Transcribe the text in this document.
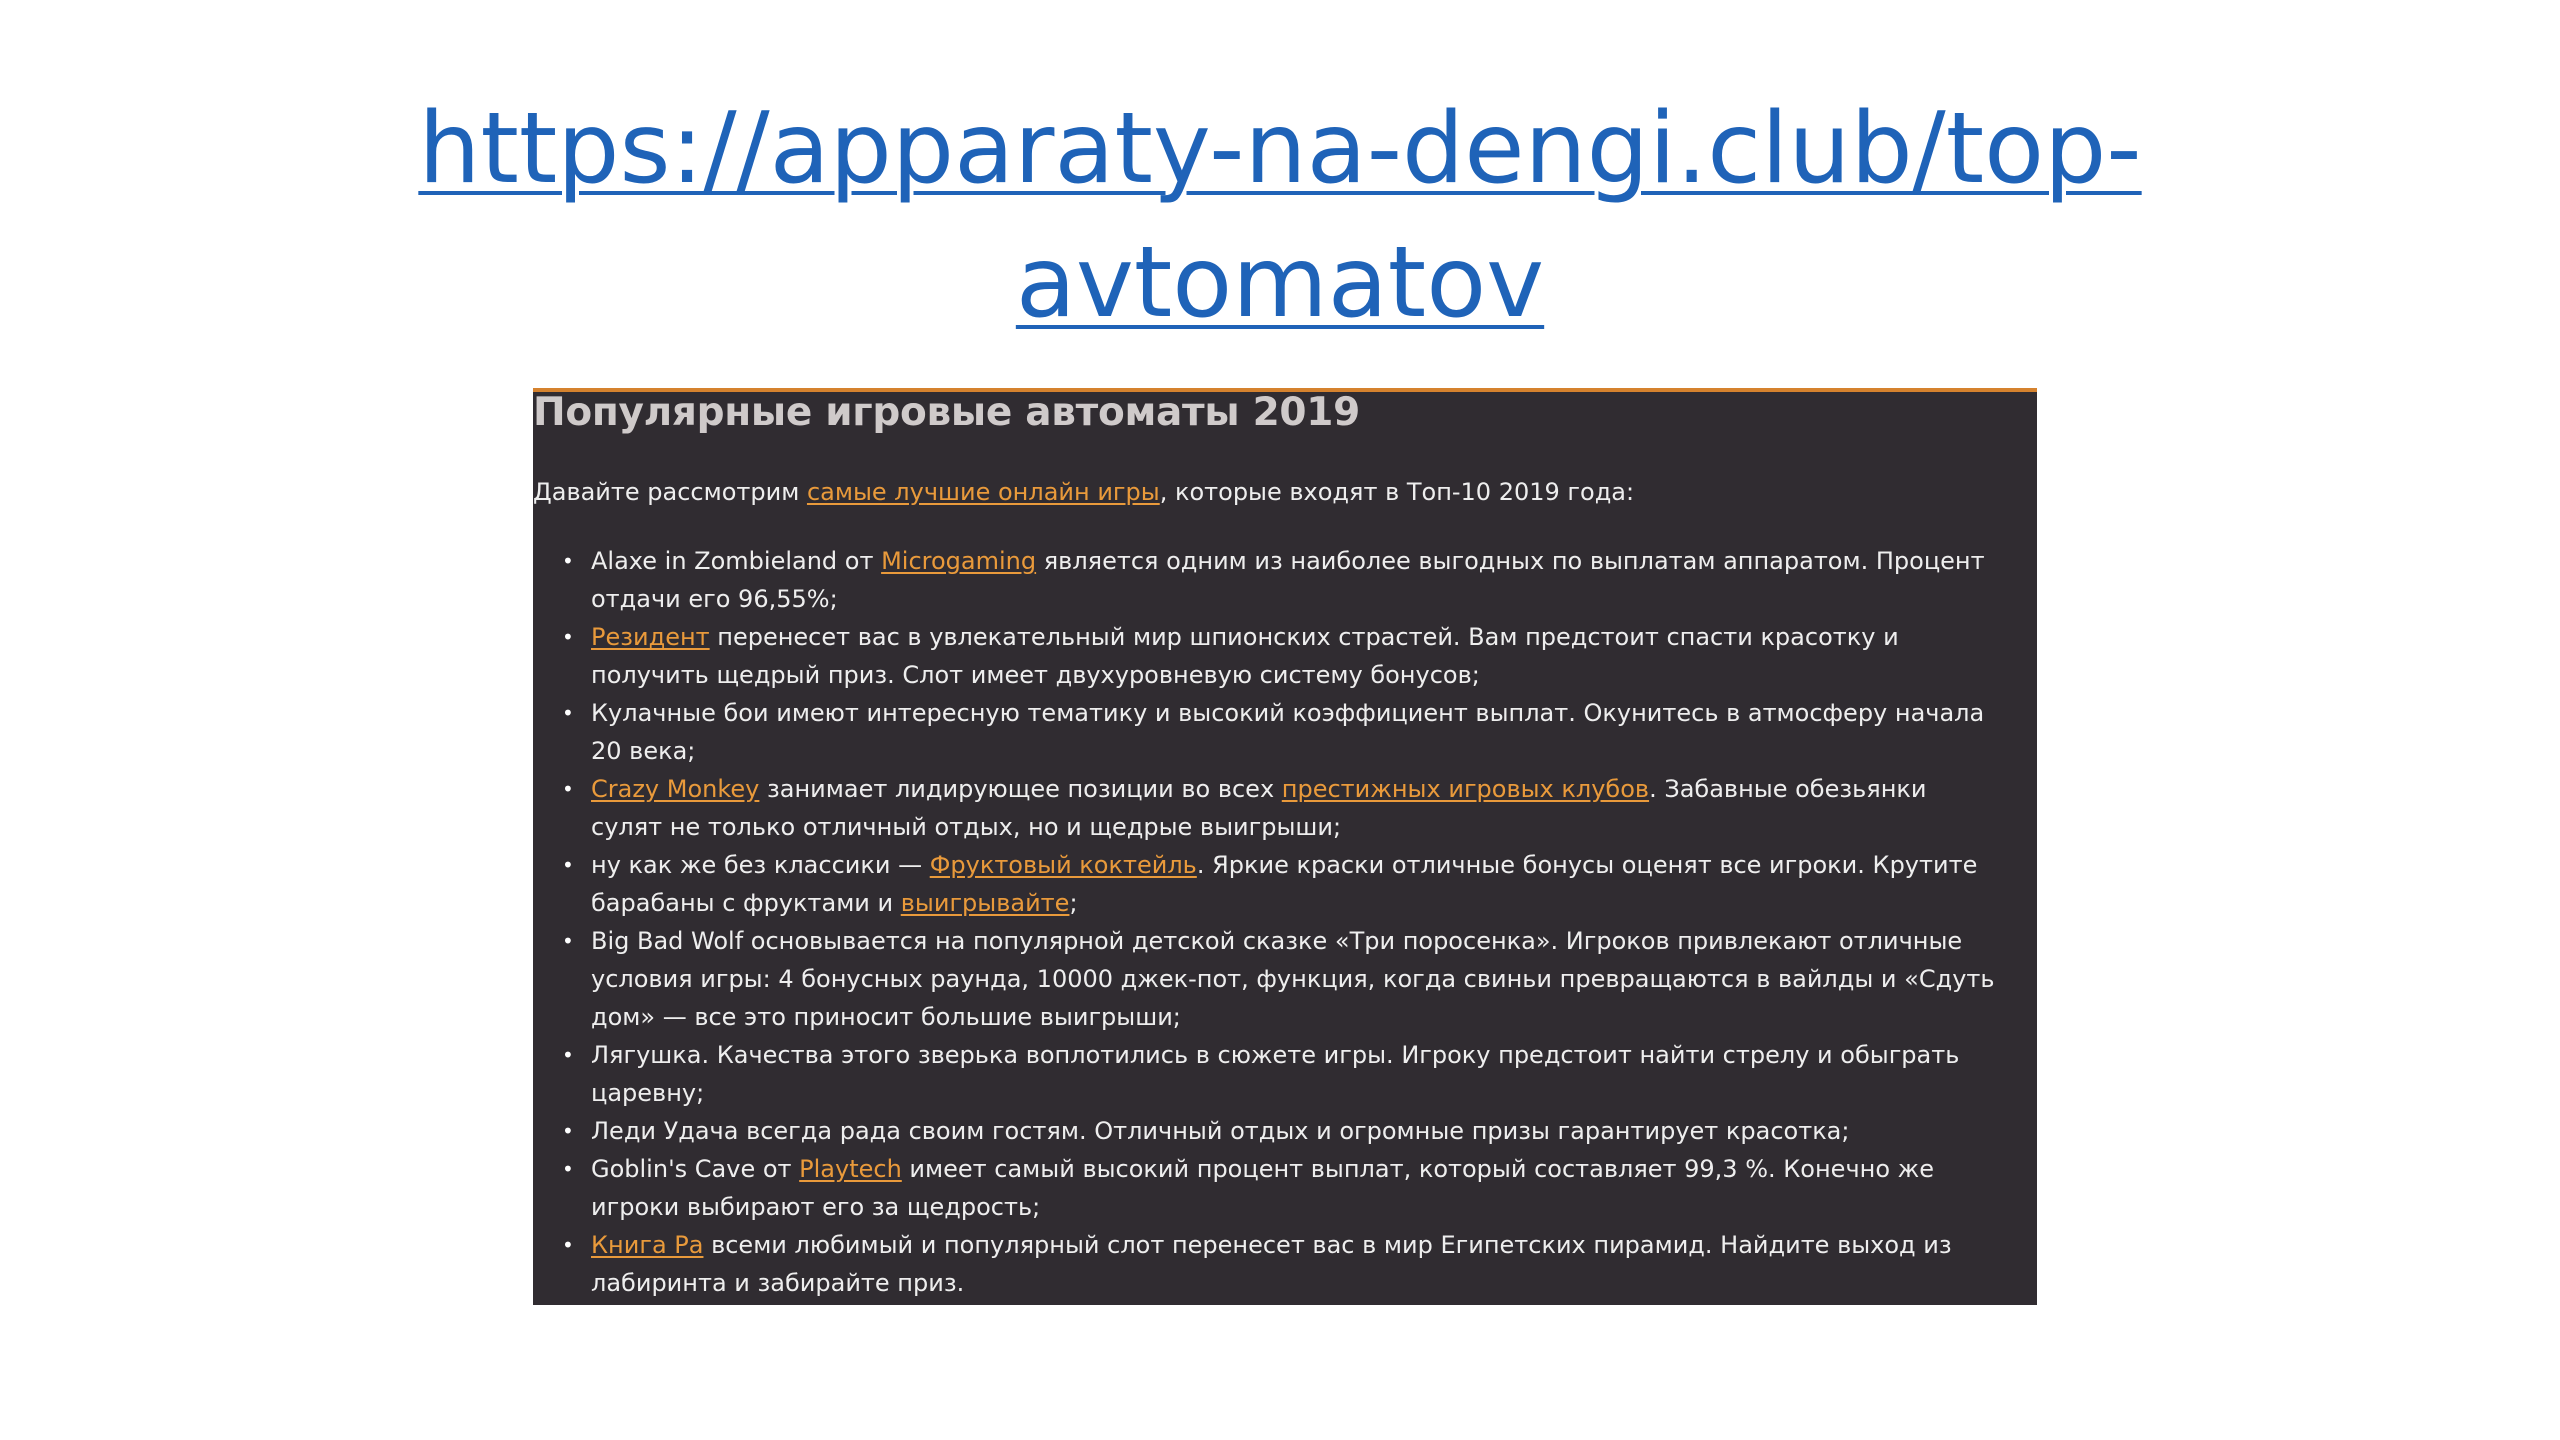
https://apparaty-na-dengi.club/top-
avtomatov
Популярные игровые автоматы 2019

Давайте рассмотрим самые лучшие онлайн игры, которые входят в Топ-10 2019 года:

• Alaxe in Zombieland от Microgaming является одним из наиболее выгодных по выплатам аппаратом. Процент отдачи его 96,55%;
• Резидент перенесет вас в увлекательный мир шпионских страстей. Вам предстоит спасти красотку и получить щедрый приз. Слот имеет двухуровневую систему бонусов;
• Кулачные бои имеют интересную тематику и высокий коэффициент выплат. Окунитесь в атмосферу начала 20 века;
• Crazy Monkey занимает лидирующее позиции во всех престижных игровых клубов. Забавные обезьянки сулят не только отличный отдых, но и щедрые выигрыши;
• ну как же без классики — Фруктовый коктейль. Яркие краски отличные бонусы оценят все игроки. Крутите барабаны с фруктами и выигрывайте;
• Big Bad Wolf основывается на популярной детской сказке «Три поросенка». Игроков привлекают отличные условия игры: 4 бонусных раунда, 10000 джек-пот, функция, когда свиньи превращаются в вайлды и «Сдуть дом» — все это приносит большие выигрыши;
• Лягушка. Качества этого зверька воплотились в сюжете игры. Игроку предстоит найти стрелу и обыграть царевну;
• Леди Удача всегда рада своим гостям. Отличный отдых и огромные призы гарантирует красотка;
• Goblin's Cave от Playtech имеет самый высокий процент выплат, который составляет 99,3 %. Конечно же игроки выбирают его за щедрость;
• Книга Ра всеми любимый и популярный слот перенесет вас в мир Египетских пирамид. Найдите выход из лабиринта и забирайте приз.
